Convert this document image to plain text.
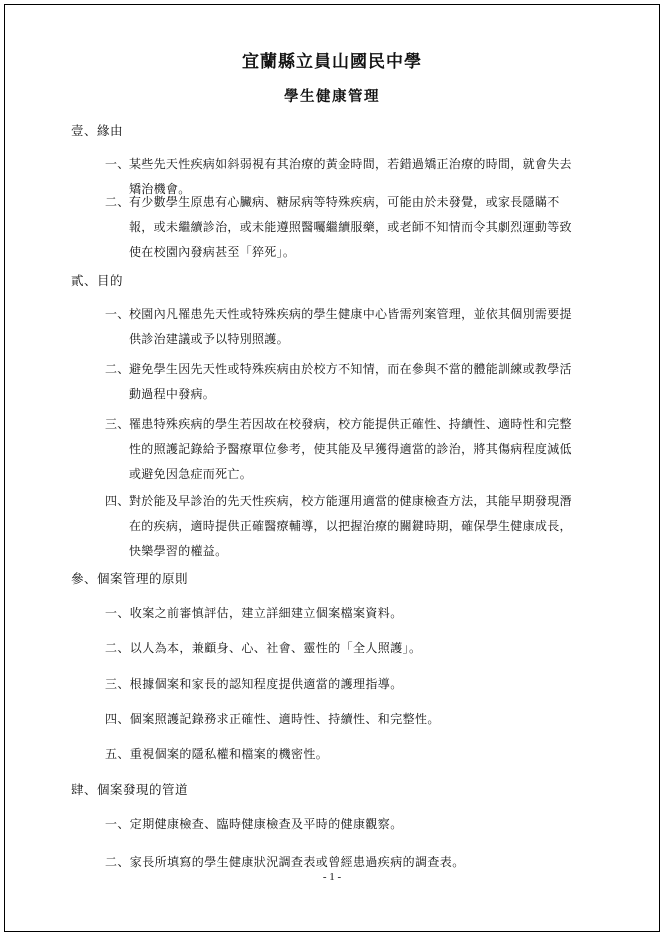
宜蘭縣立員山國民中學
學生健康管理
壹、緣由
一、 某些先天性疾病如斜弱視有其治療的黃金時間，若錯過矯正治療的時間，就會失去矯治機會。
二、 有少數學生原患有心臟病、糖尿病等特殊疾病，可能由於未發覺，或家長隱瞞不報，或未繼續診治，或未能遵照醫囑繼續服藥，或老師不知情而令其劇烈運動等致使在校園內發病甚至「猝死」。
貳、目的
一、 校園內凡罹患先天性或特殊疾病的學生健康中心皆需列案管理，並依其個別需要提供診治建議或予以特別照護。
二、 避免學生因先天性或特殊疾病由於校方不知情，而在參與不當的體能訓練或教學活動過程中發病。
三、 罹患特殊疾病的學生若因故在校發病，校方能提供正確性、持續性、適時性和完整性的照護記錄給予醫療單位參考，使其能及早獲得適當的診治，將其傷病程度減低或避免因急症而死亡。
四、 對於能及早診治的先天性疾病，校方能運用適當的健康檢查方法，其能早期發現潛在的疾病，適時提供正確醫療輔導，以把握治療的關鍵時期，確保學生健康成長，快樂學習的權益。
參、個案管理的原則
一、收案之前審慎評估，建立詳細建立個案檔案資料。
二、以人為本，兼顧身、心、社會、靈性的「全人照護」。
三、根據個案和家長的認知程度提供適當的護理指導。
四、個案照護記錄務求正確性、適時性、持續性、和完整性。
五、重視個案的隱私權和檔案的機密性。
肆、個案發現的管道
一、定期健康檢查、臨時健康檢查及平時的健康觀察。
二、家長所填寫的學生健康狀況調查表或曾經患過疾病的調查表。
- 1 -
